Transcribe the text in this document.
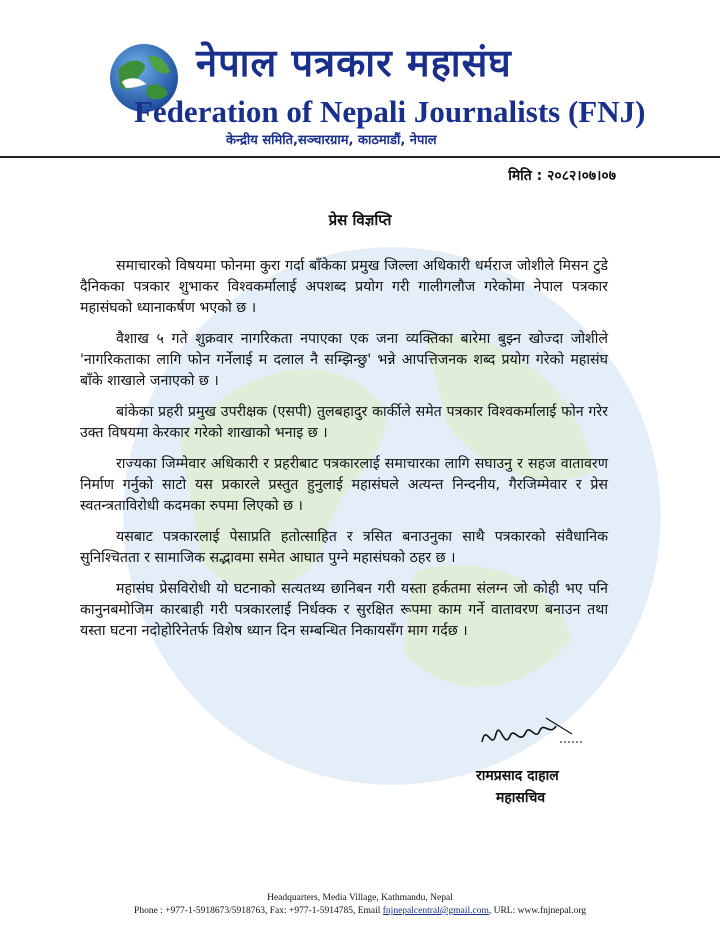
नेपाल पत्रकार महासंघ
Federation of Nepali Journalists (FNJ)
केन्द्रीय समिति,सञ्चारग्राम, काठमाडौं, नेपाल
मिति : २०८२।०७।०७
प्रेस विज्ञप्ति

समाचारको विषयमा फोनमा कुरा गर्दा बाँकेका प्रमुख जिल्ला अधिकारी धर्मराज जोशीले मिसन टुडे दैनिकका पत्रकार शुभाकर विश्वकर्मालाई अपशब्द प्रयोग गरी गालीगलौज गरेकोमा नेपाल पत्रकार महासंघको ध्यानाकर्षण भएको छ ।

वैशाख ५ गते शुक्रवार नागरिकता नपाएका एक जना व्यक्तिका बारेमा बुझ्न खोज्दा जोशीले 'नागरिकताका लागि फोन गर्नेलाई म दलाल नै सम्झिन्छु' भन्ने आपत्तिजनक शब्द प्रयोग गरेको महासंघ बाँके शाखाले जनाएको छ ।

बांकेका प्रहरी प्रमुख उपरीक्षक (एसपी) तुलबहादुर कार्कीले समेत पत्रकार विश्वकर्मालाई फोन गरेर उक्त विषयमा केरकार गरेको शाखाको भनाइ छ ।

राज्यका जिम्मेवार अधिकारी र प्रहरीबाट पत्रकारलाई समाचारका लागि सघाउनु र सहज वातावरण निर्माण गर्नुको साटो यस प्रकारले प्रस्तुत हुनुलाई महासंघले अत्यन्त निन्दनीय, गैरजिम्मेवार र प्रेस स्वतन्त्रताविरोधी कदमका रुपमा लिएको छ ।

यसबाट पत्रकारलाई पेसाप्रति हतोत्साहित र त्रसित बनाउनुका साथै पत्रकारको संवैधानिक सुनिश्चितता र सामाजिक सद्भावमा समेत आघात पुग्ने महासंघको ठहर छ ।

महासंघ प्रेसविरोधी यो घटनाको सत्यतथ्य छानिबन गरी यस्ता हर्कतमा संलग्न जो कोही भए पनि कानुनबमोजिम कारबाही गरी पत्रकारलाई निर्धक्क र सुरक्षित रूपमा काम गर्ने वातावरण बनाउन तथा यस्ता घटना नदोहोरिनेतर्फ विशेष ध्यान दिन सम्बन्धित निकायसँग माग गर्दछ ।

रामप्रसाद दाहाल
महासचिव
Headquarters, Media Village, Kathmandu, Nepal
Phone : +977-1-5918673/5918763, Fax: +977-1-5914785, Email fnjnepalcentral@gmail.com, URL: www.fnjnepal.org
